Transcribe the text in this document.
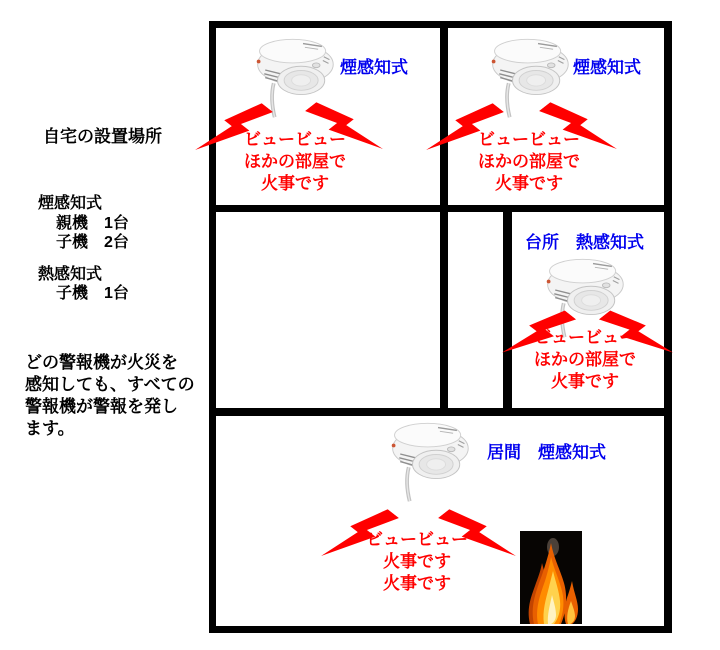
自宅の設置場所
煙感知式
親機　1台
子機　2台
熱感知式
子機　1台
どの警報機が火災を
感知しても、すべての
警報機が警報を発し
ます。
煙感知式
ビュービュー
ほかの部屋で
火事です
煙感知式
ビュービュー
ほかの部屋で
火事です
台所　熱感知式
ビュービュー
ほかの部屋で
火事です
居間　煙感知式
ビュービュー
火事です
火事です
